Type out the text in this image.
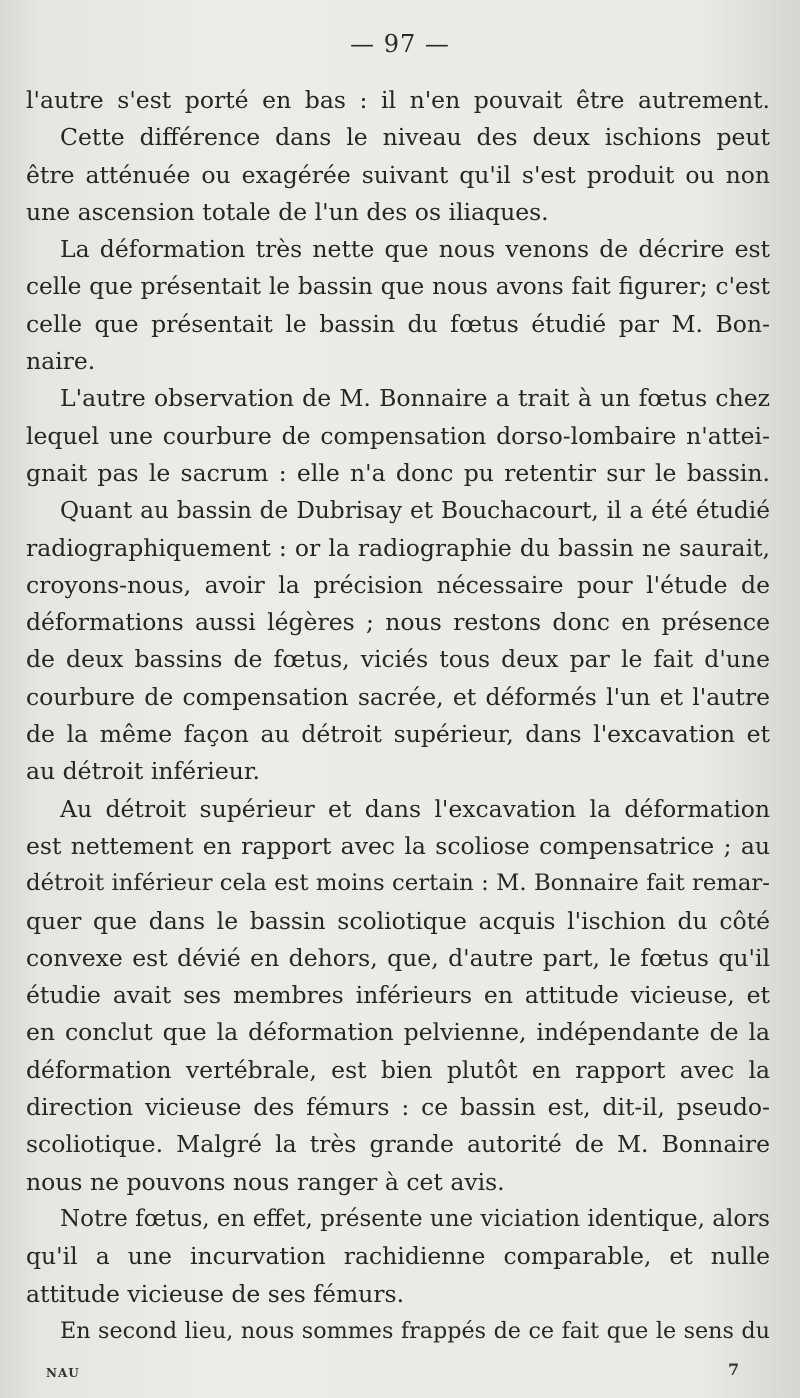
— 97 —
l'autre s'est porté en bas : il n'en pouvait être autrement.
Cette différence dans le niveau des deux ischions peut
être atténuée ou exagérée suivant qu'il s'est produit ou non
une ascension totale de l'un des os iliaques.
La déformation très nette que nous venons de décrire est
celle que présentait le bassin que nous avons fait figurer; c'est
celle que présentait le bassin du fœtus étudié par M. Bon-
naire.
L'autre observation de M. Bonnaire a trait à un fœtus chez
lequel une courbure de compensation dorso-lombaire n'attei-
gnait pas le sacrum : elle n'a donc pu retentir sur le bassin.
Quant au bassin de Dubrisay et Bouchacourt, il a été étudié
radiographiquement : or la radiographie du bassin ne saurait,
croyons-nous, avoir la précision nécessaire pour l'étude de
déformations aussi légères ; nous restons donc en présence
de deux bassins de fœtus, viciés tous deux par le fait d'une
courbure de compensation sacrée, et déformés l'un et l'autre
de la même façon au détroit supérieur, dans l'excavation et
au détroit inférieur.
Au détroit supérieur et dans l'excavation la déformation
est nettement en rapport avec la scoliose compensatrice ; au
détroit inférieur cela est moins certain : M. Bonnaire fait remar-
quer que dans le bassin scoliotique acquis l'ischion du côté
convexe est dévié en dehors, que, d'autre part, le fœtus qu'il
étudie avait ses membres inférieurs en attitude vicieuse, et
en conclut que la déformation pelvienne, indépendante de la
déformation vertébrale, est bien plutôt en rapport avec la
direction vicieuse des fémurs : ce bassin est, dit-il, pseudo-
scoliotique. Malgré la très grande autorité de M. Bonnaire
nous ne pouvons nous ranger à cet avis.
Notre fœtus, en effet, présente une viciation identique, alors
qu'il a une incurvation rachidienne comparable, et nulle
attitude vicieuse de ses fémurs.
En second lieu, nous sommes frappés de ce fait que le sens du
NAU	7
